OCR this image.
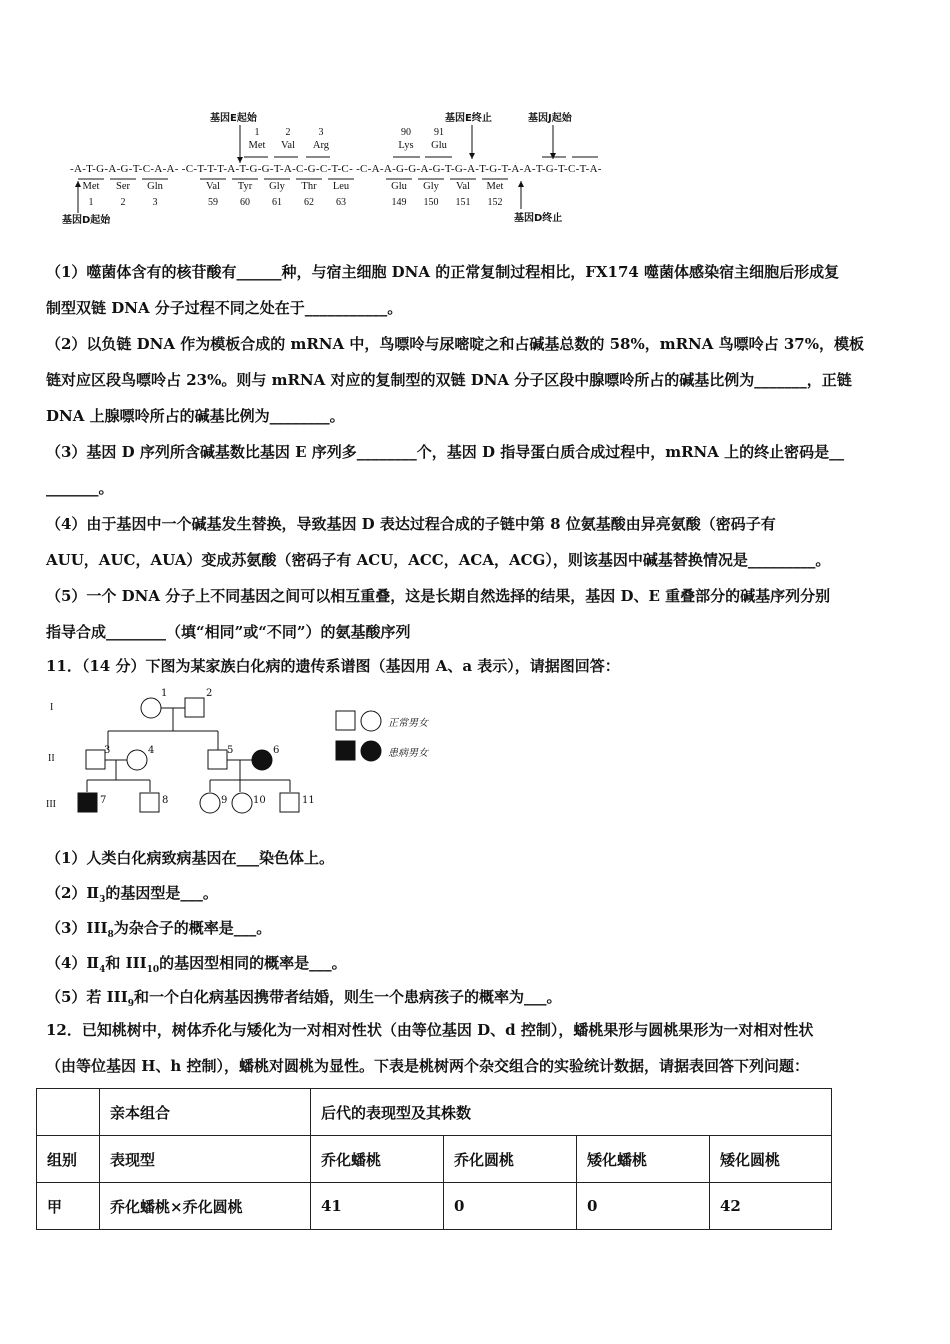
基因E起始	基因E终止	基因J起始
1	2	3	90	91
Met	Val	Arg	Lys	Glu
-A-T-G-A-G-T-C-A-A- -C-T-T-T-A-T-G-G-T-A-C-G-C-T-C- -C-A-A-G-G-A-G-T-G-A-T-G-T-A-A-T-G-T-C-T-A-
Met	Ser	Gln	Val	Tyr	Gly	Thr	Leu	Glu	Gly	Val	Met
1	2	3	59	60	61	62	63	149	150	151	152
基因D起始	基因D终止
（1）噬菌体含有的核苷酸有______种，与宿主细胞 DNA 的正常复制过程相比，FX174 噬菌体感染宿主细胞后形成复
制型双链 DNA 分子过程不同之处在于___________。
（2）以负链 DNA 作为模板合成的 mRNA 中，鸟嘌呤与尿嘧啶之和占碱基总数的 58%，mRNA 鸟嘌呤占 37%，模板
链对应区段鸟嘌呤占 23%。则与 mRNA 对应的复制型的双链 DNA 分子区段中腺嘌呤所占的碱基比例为_______，正链
DNA 上腺嘌呤所占的碱基比例为________。
（3）基因 D 序列所含碱基数比基因 E 序列多________个，基因 D 指导蛋白质合成过程中，mRNA 上的终止密码是__
_______。
（4）由于基因中一个碱基发生替换，导致基因 D 表达过程合成的子链中第 8 位氨基酸由异亮氨酸（密码子有
AUU，AUC，AUA）变成苏氨酸（密码子有 ACU，ACC，ACA，ACG），则该基因中碱基替换情况是_________。
（5）一个 DNA 分子上不同基因之间可以相互重叠，这是长期自然选择的结果，基因 D、E 重叠部分的碱基序列分别
指导合成________（填“相同”或“不同”）的氨基酸序列
11．（14 分）下图为某家族白化病的遗传系谱图（基因用 A、a 表示），请据图回答：
I
II
III
1	2
3	4	5	6
7	8	9	10	11
正常男女
患病男女
（1）人类白化病致病基因在___染色体上。
$(2)Ⅱ_3$的基因型是___。
$(3)III_8$为杂合子的概率是___。
$(4)Ⅱ_4$和 $III_{10}$的基因型相同的概率是___。
（5）若 $III_9$和一个白化病基因携带者结婚，则生一个患病孩子的概率为___。
12．已知桃树中，树体乔化与矮化为一对相对性状（由等位基因 D、d 控制），蟠桃果形与圆桃果形为一对相对性状
（由等位基因 H、h 控制），蟠桃对圆桃为显性。下表是桃树两个杂交组合的实验统计数据，请据表回答下列问题：
	亲本组合	后代的表现型及其株数			
组别	表现型	乔化蟠桃	乔化圆桃	矮化蟠桃	矮化圆桃
甲	乔化蟠桃×乔化圆桃	41	0	0	42
